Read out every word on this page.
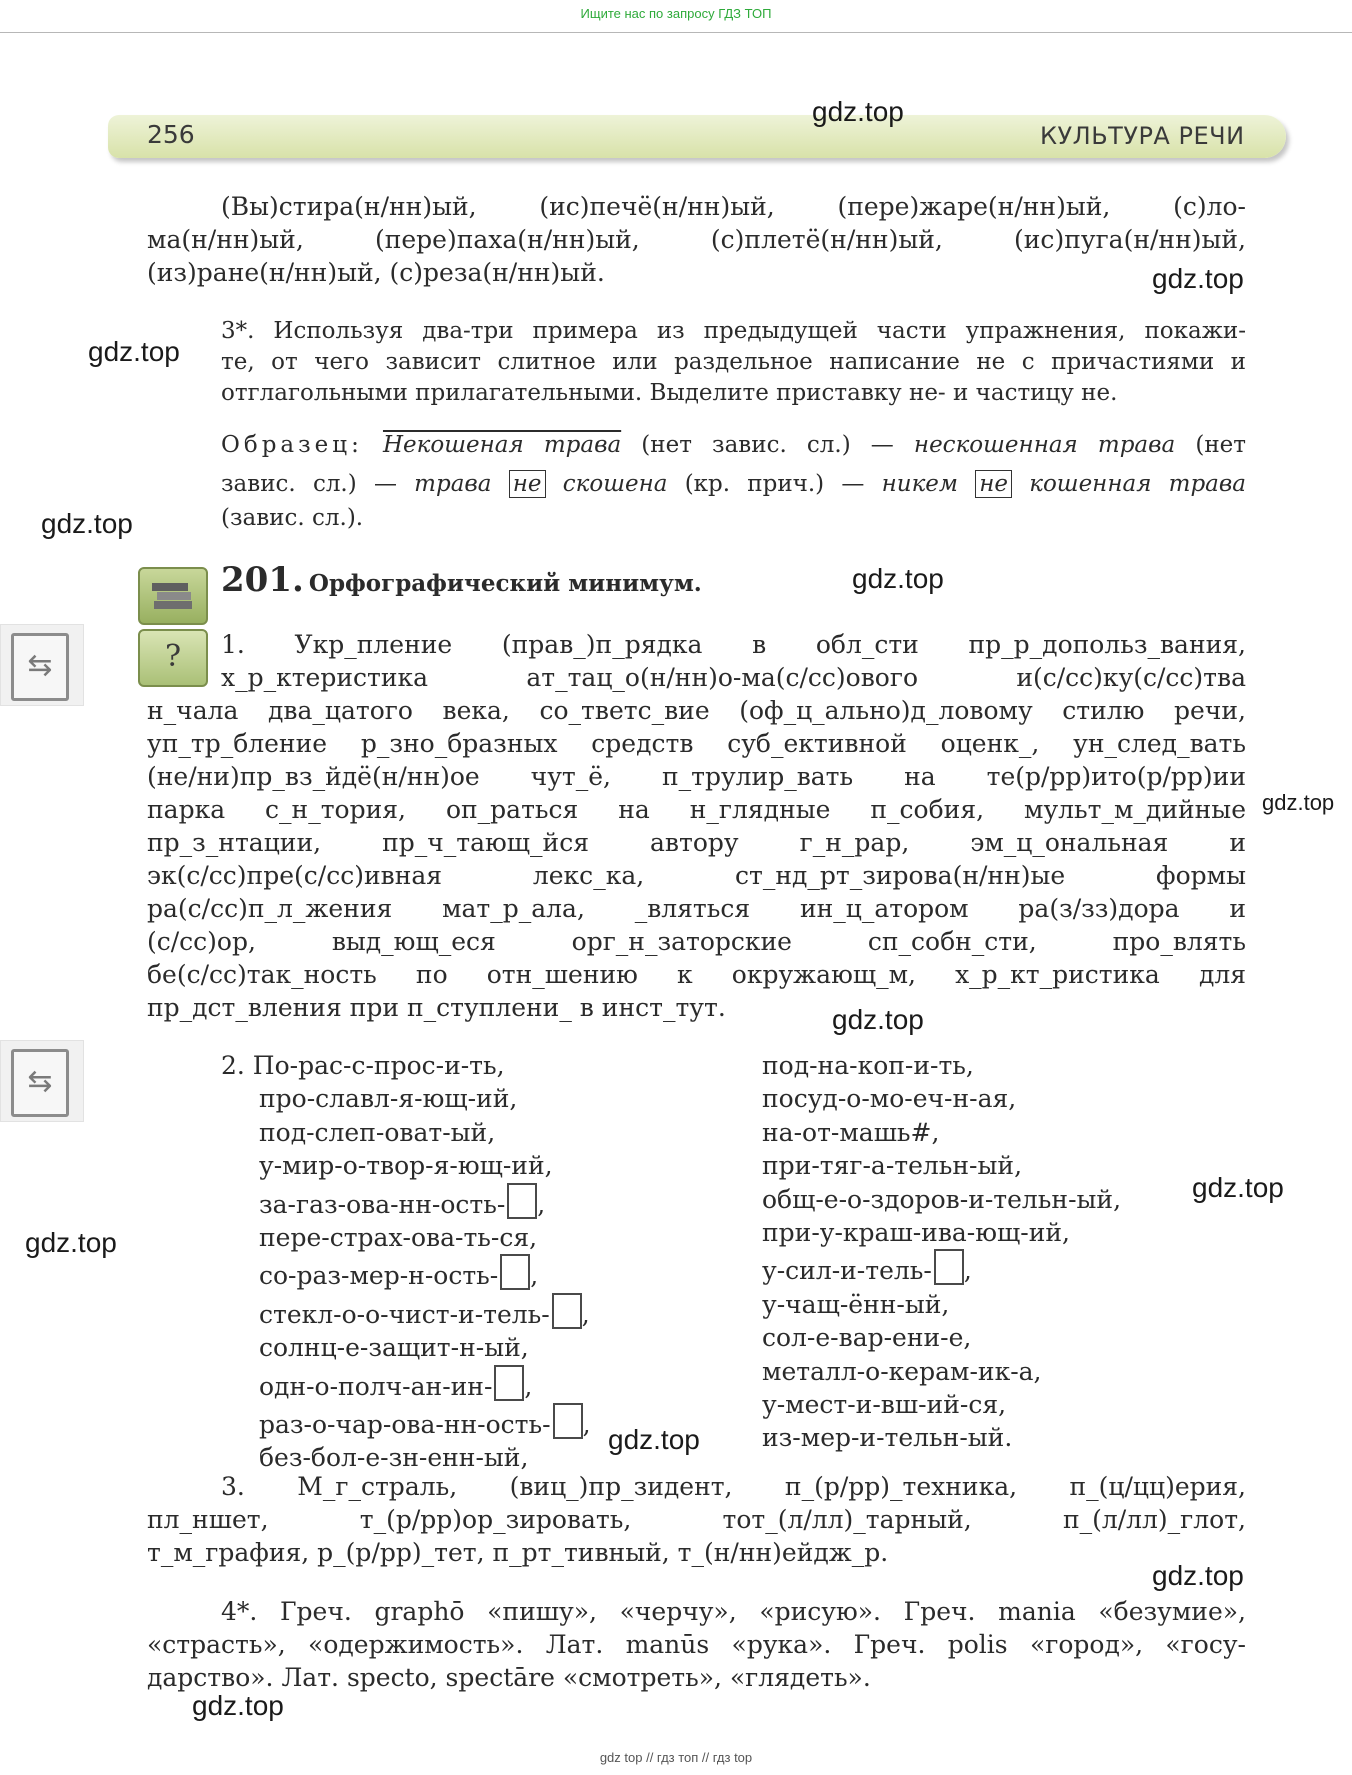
Ищите нас по запросу ГДЗ ТОП
256	КУЛЬТУРА РЕЧИ
(Вы)стира(н/нн)ый, (ис)печё(н/нн)ый, (пере)жаре(н/нн)ый, (с)ло-
ма(н/нн)ый, (пере)паха(н/нн)ый, (с)плетё(н/нн)ый, (ис)пуга(н/нн)ый,
(из)ране(н/нн)ый, (с)реза(н/нн)ый.
3*. Используя два-три примера из предыдущей части упражнения, покажи-
те, от чего зависит слитное или раздельное написание не с причастиями и
отглагольными прилагательными. Выделите приставку не- и частицу не.
Образец: Некошеная трава (нет завис. сл.) — нескошенная трава (нет
завис. сл.) — трава не скошена (кр. прич.) — никем не кошенная трава
(завис. сл.).
201. Орфографический минимум.
?
⇆
⇆
1. Укр_пление (прав_)п_рядка в обл_сти пр_р_допольз_вания,
х_р_ктеристика ат_тац_о(н/нн)о-ма(с/сс)ового и(с/сс)ку(с/сс)тва
н_чала два_цатого века, со_тветс_вие (оф_ц_ально)д_ловому стилю речи,
уп_тр_бление р_зно_бразных средств суб_ективной оценк_, ун_след_вать
(не/ни)пр_вз_йдё(н/нн)ое чут_ё, п_трулир_вать на те(р/рр)ито(р/рр)ии
парка с_н_тория, оп_раться на н_глядные п_собия, мульт_м_дийные
пр_з_нтации, пр_ч_тающ_йся автору г_н_рар, эм_ц_ональная и
эк(с/сс)пре(с/сс)ивная лекс_ка, ст_нд_рт_зирова(н/нн)ые формы
ра(с/сс)п_л_жения мат_р_ала, _вляться ин_ц_атором ра(з/зз)дора и
(с/сс)ор, выд_ющ_еся орг_н_заторские сп_собн_сти, про_влять
бе(с/сс)так_ность по отн_шению к окружающ_м, х_р_кт_ристика для
пр_дст_вления при п_ступлени_ в инст_тут.
2. По-рас-с-прос-и-ть,
про-славл-я-ющ-ий,
под-слеп-оват-ый,
у-мир-о-твор-я-ющ-ий,
за-газ-ова-нн-ость- ,
пере-страх-ова-ть-ся,
со-раз-мер-н-ость- ,
стекл-о-о-чист-и-тель- ,
солнц-е-защит-н-ый,
одн-о-полч-ан-ин- ,
раз-о-чар-ова-нн-ость- ,
без-бол-е-зн-енн-ый,
под-на-коп-и-ть,
посуд-о-мо-еч-н-ая,
на-от-машь#,
при-тяг-а-тельн-ый,
общ-е-о-здоров-и-тельн-ый,
при-у-краш-ива-ющ-ий,
у-сил-и-тель- ,
у-чащ-ённ-ый,
сол-е-вар-ени-е,
металл-о-керам-ик-а,
у-мест-и-вш-ий-ся,
из-мер-и-тельн-ый.
3. М_г_страль, (виц_)пр_зидент, п_(р/рр)_техника, п_(ц/цц)ерия,
пл_ншет, т_(р/рр)ор_зировать, тот_(л/лл)_тарный, п_(л/лл)_глот,
т_м_графия, р_(р/рр)_тет, п_рт_тивный, т_(н/нн)ейдж_р.
4*. Греч. graphō «пишу», «черчу», «рисую». Греч. mania «безумие»,
«страсть», «одержимость». Лат. manūs «рука». Греч. polis «город», «госу-
дарство». Лат. specto, spectāre «смотреть», «глядеть».
gdz.top
gdz.top
gdz.top
gdz.top
gdz.top
gdz.top
gdz.top
gdz.top
gdz.top
gdz.top
gdz.top
gdz.top
gdz top // гдз топ // гдз top
